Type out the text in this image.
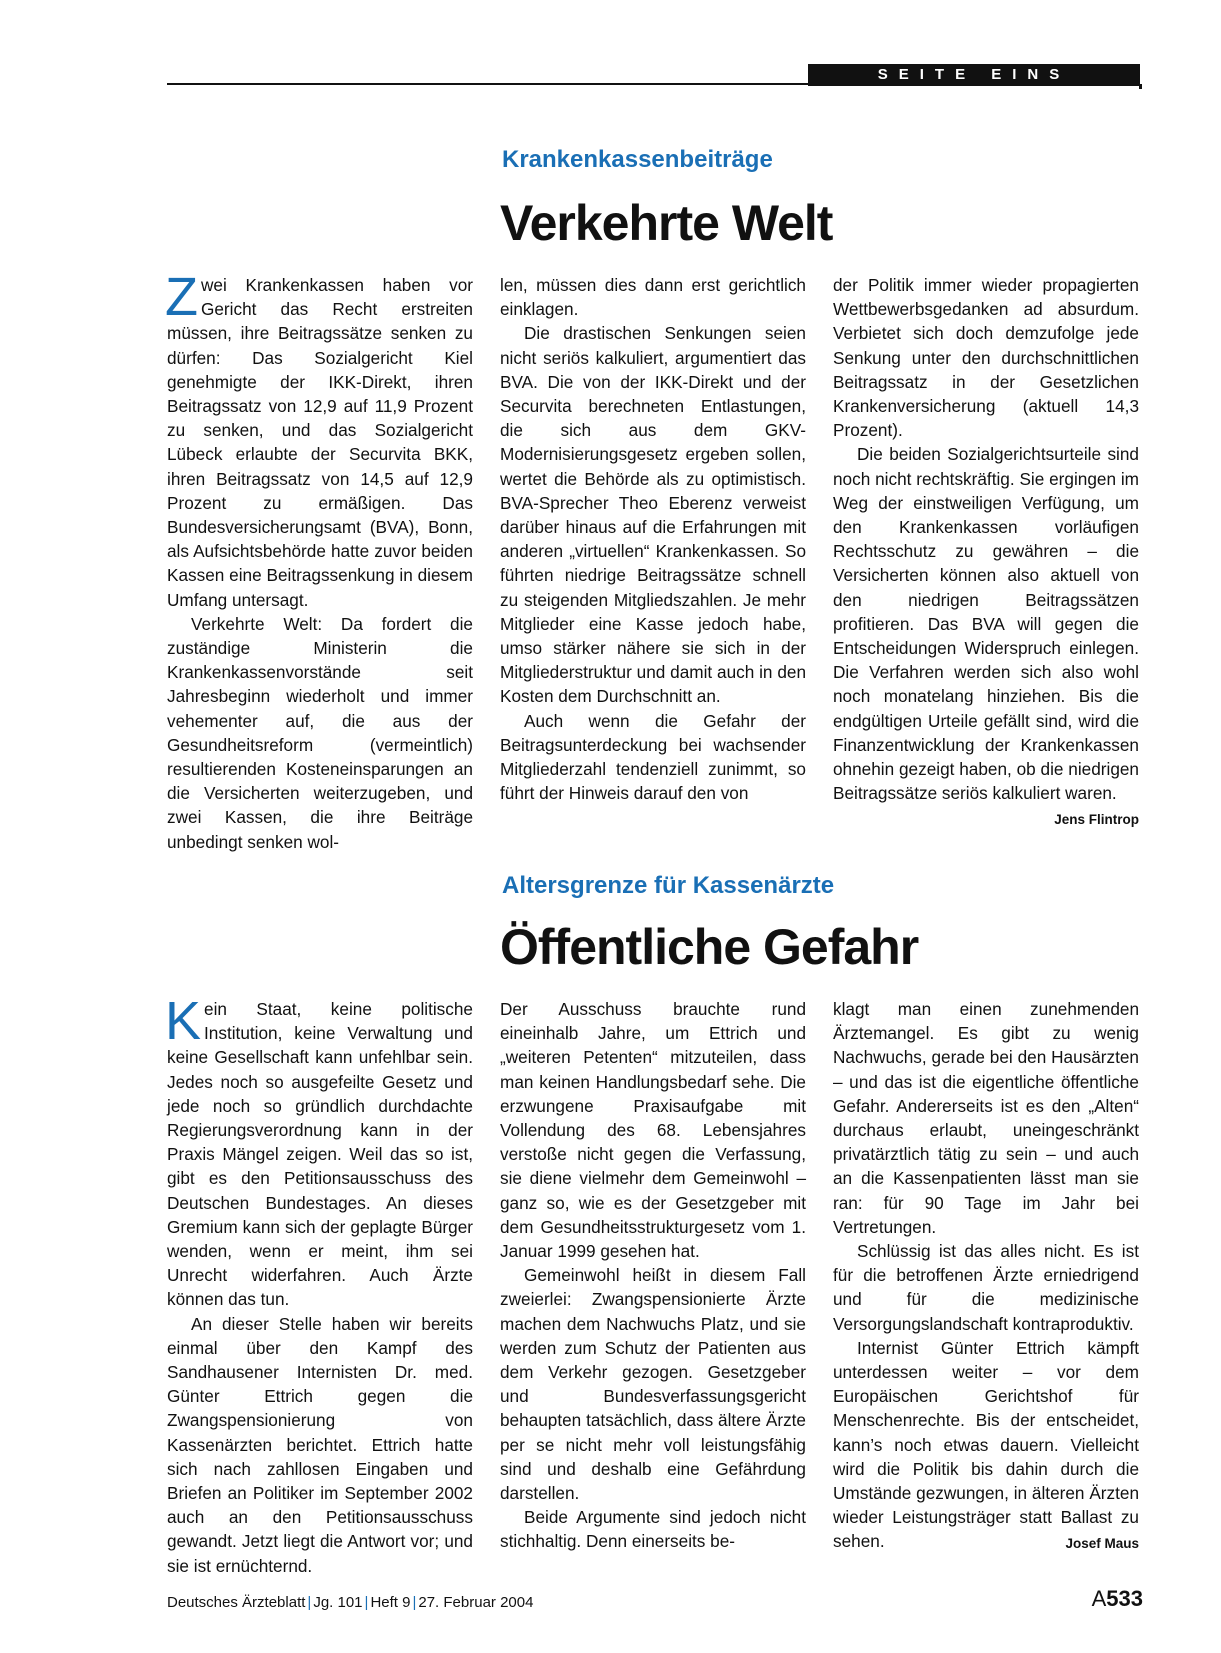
SEITE EINS
Krankenkassenbeiträge
Verkehrte Welt

Zwei Krankenkassen haben vor Gericht das Recht erstreiten müssen, ihre Beitragssätze senken zu dürfen: Das Sozialgericht Kiel genehmigte der IKK-Direkt, ihren Beitragssatz von 12,9 auf 11,9 Prozent zu senken, und das Sozialgericht Lübeck erlaubte der Securvita BKK, ihren Beitragssatz von 14,5 auf 12,9 Prozent zu ermäßigen. Das Bundesversicherungsamt (BVA), Bonn, als Aufsichtsbehörde hatte zuvor beiden Kassen eine Beitragssenkung in diesem Umfang untersagt.

Verkehrte Welt: Da fordert die zuständige Ministerin die Krankenkassenvorstände seit Jahresbeginn wiederholt und immer vehementer auf, die aus der Gesundheitsreform (vermeintlich) resultierenden Kosteneinsparungen an die Versicherten weiterzugeben, und zwei Kassen, die ihre Beiträge unbedingt senken wol-

len, müssen dies dann erst gerichtlich einklagen.

Die drastischen Senkungen seien nicht seriös kalkuliert, argumentiert das BVA. Die von der IKK-Direkt und der Securvita berechneten Entlastungen, die sich aus dem GKV-Modernisierungsgesetz ergeben sollen, wertet die Behörde als zu optimistisch. BVA-Sprecher Theo Eberenz verweist darüber hinaus auf die Erfahrungen mit anderen „virtuellen“ Krankenkassen. So führten niedrige Beitragssätze schnell zu steigenden Mitgliedszahlen. Je mehr Mitglieder eine Kasse jedoch habe, umso stärker nähere sie sich in der Mitgliederstruktur und damit auch in den Kosten dem Durchschnitt an.

Auch wenn die Gefahr der Beitragsunterdeckung bei wachsender Mitgliederzahl tendenziell zunimmt, so führt der Hinweis darauf den von

der Politik immer wieder propagierten Wettbewerbsgedanken ad absurdum. Verbietet sich doch demzufolge jede Senkung unter den durchschnittlichen Beitragssatz in der Gesetzlichen Krankenversicherung (aktuell 14,3 Prozent).

Die beiden Sozialgerichtsurteile sind noch nicht rechtskräftig. Sie ergingen im Weg der einstweiligen Verfügung, um den Krankenkassen vorläufigen Rechtsschutz zu gewähren – die Versicherten können also aktuell von den niedrigen Beitragssätzen profitieren. Das BVA will gegen die Entscheidungen Widerspruch einlegen. Die Verfahren werden sich also wohl noch monatelang hinziehen. Bis die endgültigen Urteile gefällt sind, wird die Finanzentwicklung der Krankenkassen ohnehin gezeigt haben, ob die niedrigen Beitragssätze seriös kalkuliert waren.
Jens Flintrop

Altersgrenze für Kassenärzte
Öffentliche Gefahr

Kein Staat, keine politische Institution, keine Verwaltung und keine Gesellschaft kann unfehlbar sein. Jedes noch so ausgefeilte Gesetz und jede noch so gründlich durchdachte Regierungsverordnung kann in der Praxis Mängel zeigen. Weil das so ist, gibt es den Petitionsausschuss des Deutschen Bundestages. An dieses Gremium kann sich der geplagte Bürger wenden, wenn er meint, ihm sei Unrecht widerfahren. Auch Ärzte können das tun.

An dieser Stelle haben wir bereits einmal über den Kampf des Sandhausener Internisten Dr. med. Günter Ettrich gegen die Zwangspensionierung von Kassenärzten berichtet. Ettrich hatte sich nach zahllosen Eingaben und Briefen an Politiker im September 2002 auch an den Petitionsausschuss gewandt. Jetzt liegt die Antwort vor; und sie ist ernüchternd.

Der Ausschuss brauchte rund eineinhalb Jahre, um Ettrich und „weiteren Petenten“ mitzuteilen, dass man keinen Handlungsbedarf sehe. Die erzwungene Praxisaufgabe mit Vollendung des 68. Lebensjahres verstoße nicht gegen die Verfassung, sie diene vielmehr dem Gemeinwohl – ganz so, wie es der Gesetzgeber mit dem Gesundheitsstrukturgesetz vom 1. Januar 1999 gesehen hat.

Gemeinwohl heißt in diesem Fall zweierlei: Zwangspensionierte Ärzte machen dem Nachwuchs Platz, und sie werden zum Schutz der Patienten aus dem Verkehr gezogen. Gesetzgeber und Bundesverfassungsgericht behaupten tatsächlich, dass ältere Ärzte per se nicht mehr voll leistungsfähig sind und deshalb eine Gefährdung darstellen.

Beide Argumente sind jedoch nicht stichhaltig. Denn einerseits be-

klagt man einen zunehmenden Ärztemangel. Es gibt zu wenig Nachwuchs, gerade bei den Hausärzten – und das ist die eigentliche öffentliche Gefahr. Andererseits ist es den „Alten“ durchaus erlaubt, uneingeschränkt privatärztlich tätig zu sein – und auch an die Kassenpatienten lässt man sie ran: für 90 Tage im Jahr bei Vertretungen.

Schlüssig ist das alles nicht. Es ist für die betroffenen Ärzte erniedrigend und für die medizinische Versorgungslandschaft kontraproduktiv.

Internist Günter Ettrich kämpft unterdessen weiter – vor dem Europäischen Gerichtshof für Menschenrechte. Bis der entscheidet, kann’s noch etwas dauern. Vielleicht wird die Politik bis dahin durch die Umstände gezwungen, in älteren Ärzten wieder Leistungsträger statt Ballast zu sehen.	Josef Maus

Deutsches Ärzteblatt | Jg. 101 | Heft 9 | 27. Februar 2004	A533
